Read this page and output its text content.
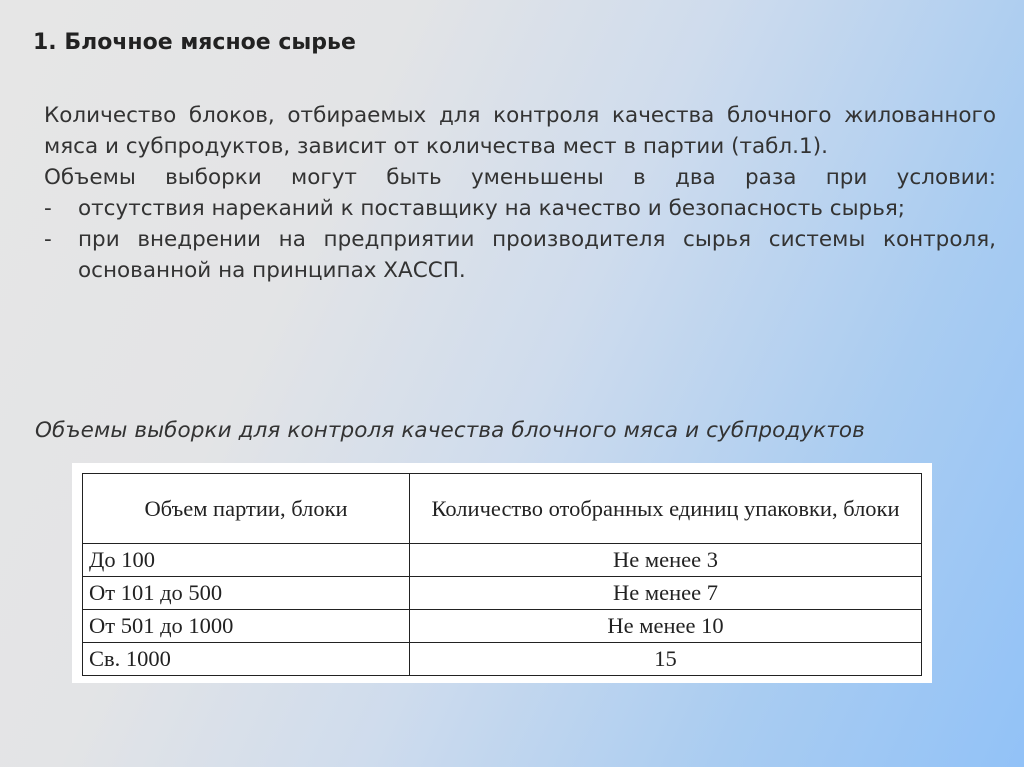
1. Блочное мясное сырье

Количество блоков, отбираемых для контроля качества блочного жилованного мяса и субпродуктов, зависит от количества мест в партии (табл.1).

Объемы выборки могут быть уменьшены в два раза при условии:

- отсутствия нареканий к поставщику на качество и безопасность сырья;
- при внедрении на предприятии производителя сырья системы контроля, основанной на принципах ХАССП.

Объемы выборки для контроля качества блочного мяса и субпродуктов

Объем партии, блоки	Количество отобранных единиц упаковки, блоки
До 100	Не менее 3
От 101 до 500	Не менее 7
От 501 до 1000	Не менее 10
Св. 1000	15
